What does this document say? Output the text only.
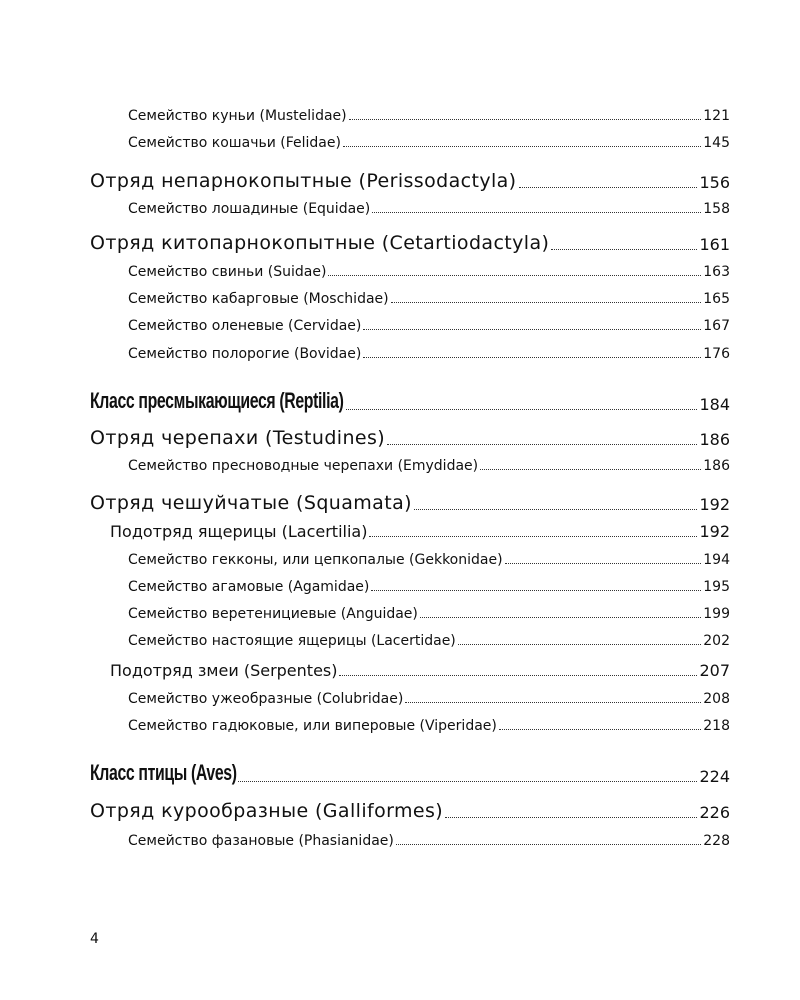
Семейство куньи (Mustelidae)	121
Семейство кошачьи (Felidae)	145
Отряд непарнокопытные (Perissodactyla)	156
Семейство лошадиные (Equidae)	158
Отряд китопарнокопытные (Cetartiodactyla)	161
Семейство свиньи (Suidae)	163
Семейство кабарговые (Moschidae)	165
Семейство оленевые (Cervidae)	167
Семейство полорогие (Bovidae)	176
Класс пресмыкающиеся (Reptilia)	184
Отряд черепахи (Testudines)	186
Семейство пресноводные черепахи (Emydidae)	186
Отряд чешуйчатые (Squamata)	192
Подотряд ящерицы (Lacertilia)	192
Семейство гекконы, или цепкопалые (Gekkonidae)	194
Семейство агамовые (Agamidae)	195
Семейство веретенициевые (Anguidae)	199
Семейство настоящие ящерицы (Lacertidae)	202
Подотряд змеи (Serpentes)	207
Семейство ужеобразные (Colubridae)	208
Семейство гадюковые, или виперовые (Viperidae)	218
Класс птицы (Aves)	224
Отряд курообразные (Galliformes)	226
Семейство фазановые (Phasianidae)	228
4
